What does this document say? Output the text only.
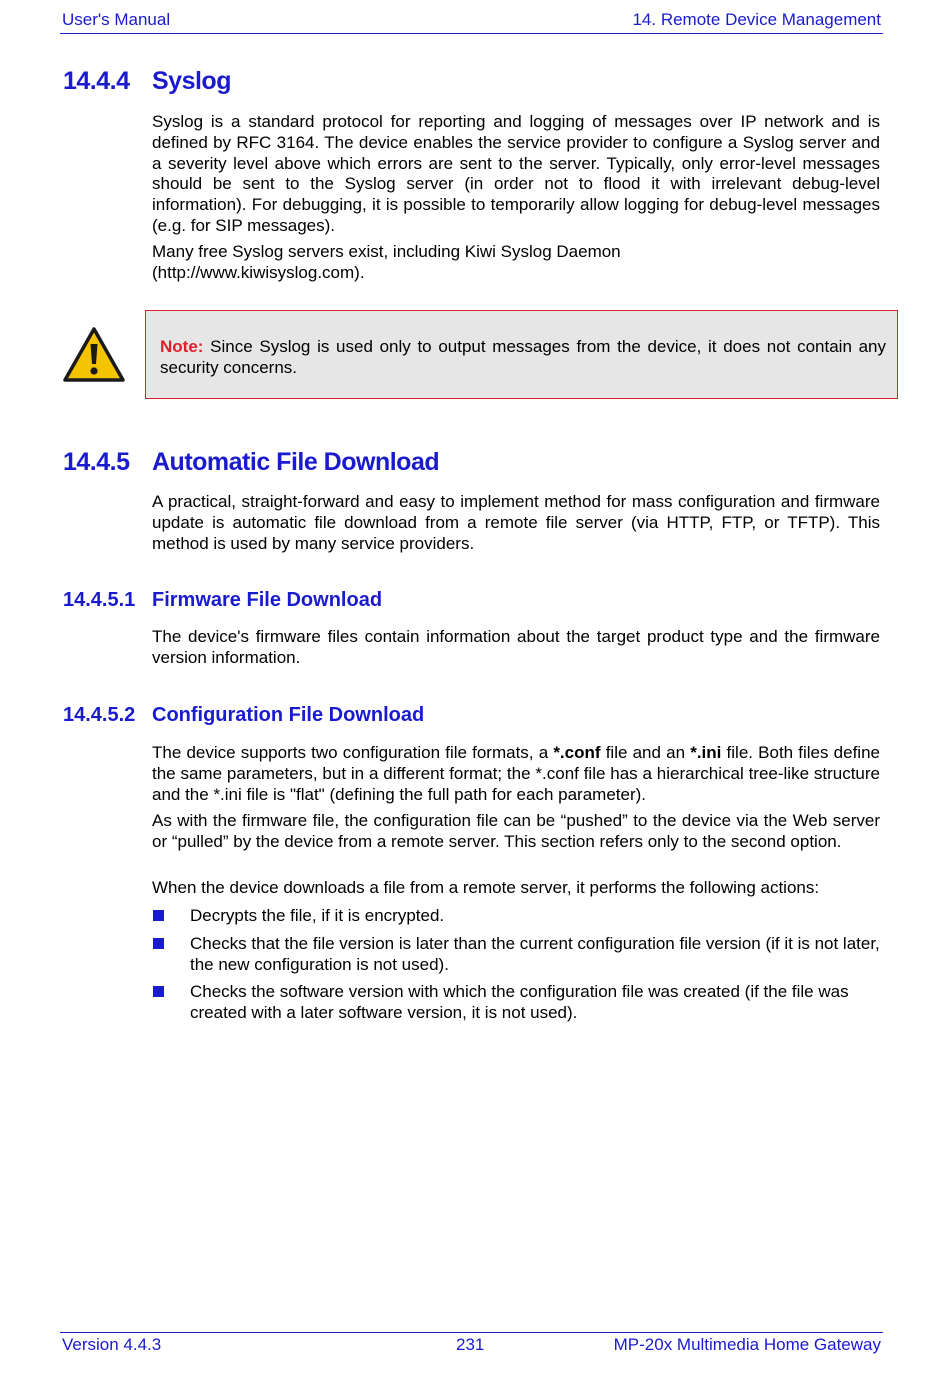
User's Manual	14. Remote Device Management
14.4.4 Syslog

Syslog is a standard protocol for reporting and logging of messages over IP network and is defined by RFC 3164. The device enables the service provider to configure a Syslog server and a severity level above which errors are sent to the server. Typically, only error-level messages should be sent to the Syslog server (in order not to flood it with irrelevant debug-level information). For debugging, it is possible to temporarily allow logging for debug-level messages (e.g. for SIP messages).

Many free Syslog servers exist, including Kiwi Syslog Daemon
(http://www.kiwisyslog.com).

Note: Since Syslog is used only to output messages from the device, it does not contain any security concerns.
14.4.5 Automatic File Download

A practical, straight-forward and easy to implement method for mass configuration and firmware update is automatic file download from a remote file server (via HTTP, FTP, or TFTP). This method is used by many service providers.

14.4.5.1 Firmware File Download

The device's firmware files contain information about the target product type and the firmware version information.

14.4.5.2 Configuration File Download

The device supports two configuration file formats, a *.conf file and an *.ini file. Both files define the same parameters, but in a different format; the *.conf file has a hierarchical tree-like structure and the *.ini file is "flat" (defining the full path for each parameter).

As with the firmware file, the configuration file can be “pushed” to the device via the Web server or “pulled” by the device from a remote server. This section refers only to the second option.

When the device downloads a file from a remote server, it performs the following actions:

Decrypts the file, if it is encrypted.
Checks that the file version is later than the current configuration file version (if it is not later, the new configuration is not used).
Checks the software version with which the configuration file was created (if the file was created with a later software version, it is not used).
Version 4.4.3	231	MP-20x Multimedia Home Gateway
